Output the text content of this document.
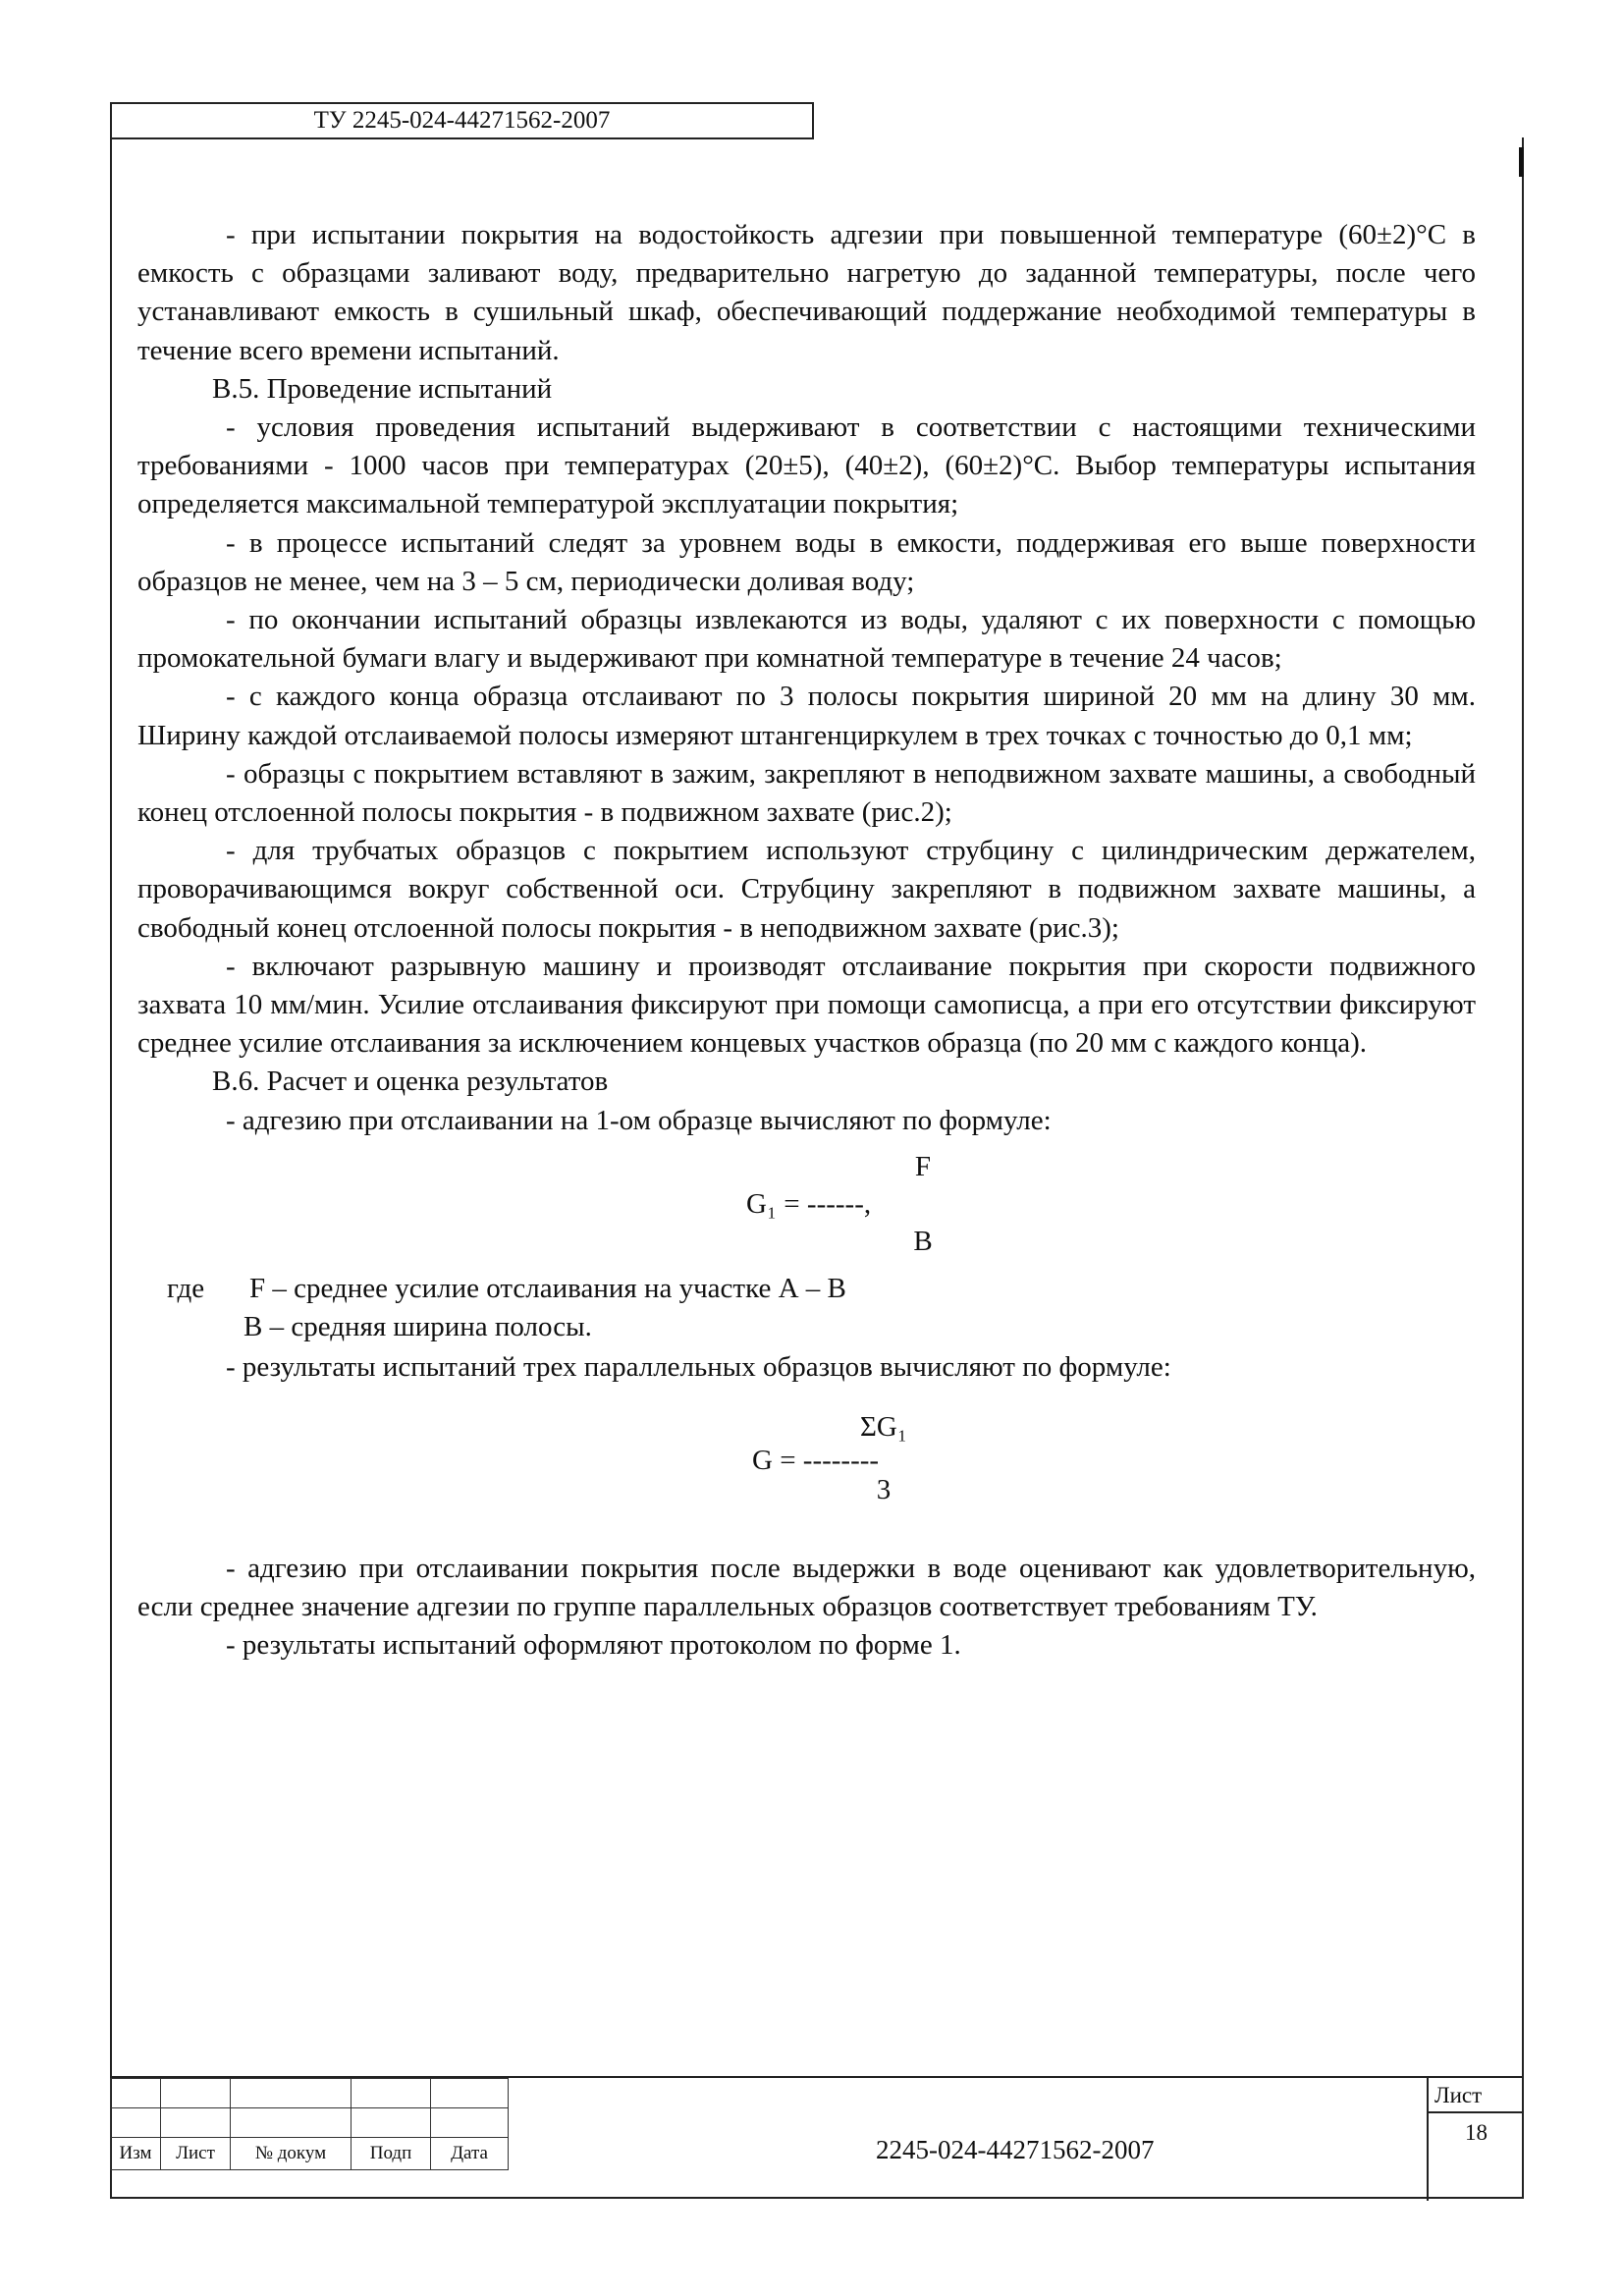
ТУ 2245-024-44271562-2007

- при испытании покрытия на водостойкость адгезии при повышенной температуре (60±2)°С в емкость с образцами заливают воду, предварительно нагретую до заданной температуры, после чего устанавливают емкость в сушильный шкаф, обеспечивающий поддержание необходимой температуры в течение всего времени испытаний.

В.5. Проведение испытаний

- условия проведения испытаний выдерживают в соответствии с настоящими техническими требованиями - 1000 часов при температурах (20±5), (40±2), (60±2)°С. Выбор температуры испытания определяется максимальной температурой эксплуатации покрытия;

- в процессе испытаний следят за уровнем воды в емкости, поддерживая его выше поверхности образцов не менее, чем на 3 – 5 см, периодически доливая воду;

- по окончании испытаний образцы извлекаются из воды, удаляют с их поверхности с помощью промокательной бумаги влагу и выдерживают при комнатной температуре в течение 24 часов;

- с каждого конца образца отслаивают по 3 полосы покрытия шириной 20 мм на длину 30 мм. Ширину каждой отслаиваемой полосы измеряют штангенциркулем в трех точках с точностью до 0,1 мм;

- образцы с покрытием вставляют в зажим, закрепляют в неподвижном захвате машины, а свободный конец отслоенной полосы покрытия - в подвижном захвате (рис.2);

- для трубчатых образцов с покрытием используют струбцину с цилиндрическим держателем, проворачивающимся вокруг собственной оси. Струбцину закрепляют в подвижном захвате машины, а свободный конец отслоенной полосы покрытия - в неподвижном захвате (рис.3);

- включают разрывную машину и производят отслаивание покрытия при скорости подвижного захвата 10 мм/мин. Усилие отслаивания фиксируют при помощи самописца, а при его отсутствии фиксируют среднее усилие отслаивания за исключением концевых участков образца (по 20 мм с каждого конца).

В.6. Расчет и оценка результатов

- адгезию при отслаивании на 1-ом образце вычисляют по формуле:

F
G₁ = ------,
B
где F – среднее усилие отслаивания на участке А – В
В – средняя ширина полосы.

- результаты испытаний трех параллельных образцов вычисляют по формуле:

ΣG₁
G = --------
3

- адгезию при отслаивании покрытия после выдержки в воде оценивают как удовлетворительную, если среднее значение адгезии по группе параллельных образцов соответствует требованиям ТУ.

- результаты испытаний оформляют протоколом по форме 1.

Изм	Лист	№ докум	Подп	Дата	2245-024-44271562-2007
Лист
18
